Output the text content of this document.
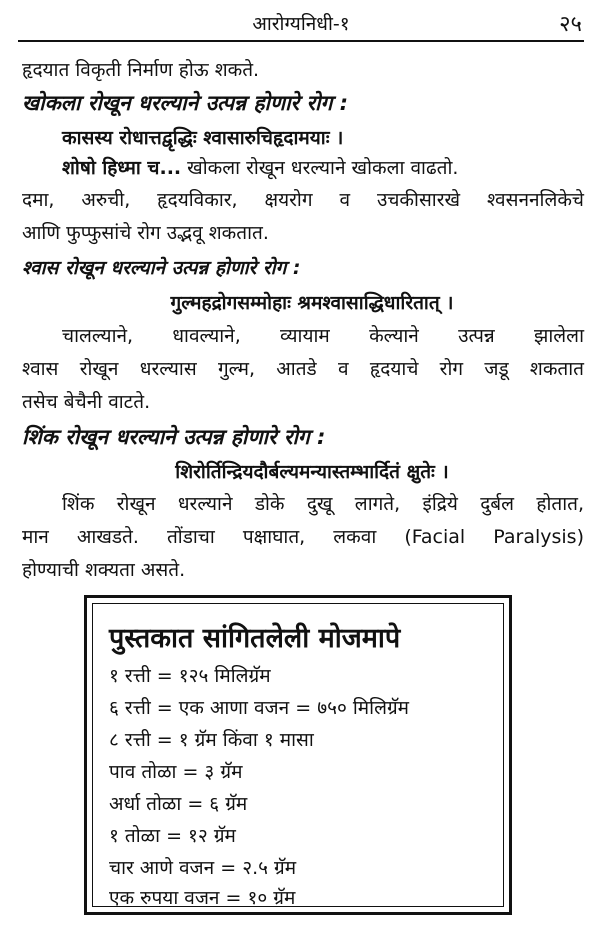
आरोग्यनिधी-१	२५
हृदयात विकृती निर्माण होऊ शकते.
खोकला रोखून धरल्याने उत्पन्न होणारे रोग :
कासस्य रोधात्तद्वृद्धिः श्वासारुचिहृदामयाः ।
शोषो हिध्मा च... खोकला रोखून धरल्याने खोकला वाढतो.
दमा, अरुची, हृदयविकार, क्षयरोग व उचकीसारखे श्वसननलिकेचे
आणि फुप्फुसांचे रोग उद्भवू शकतात.
श्वास रोखून धरल्याने उत्पन्न होणारे रोग :
गुल्महद्रोगसम्मोहाः श्रमश्वासाद्धिधारितात् ।
चालल्याने, धावल्याने, व्यायाम केल्याने उत्पन्न झालेला
श्वास रोखून धरल्यास गुल्म, आतडे व हृदयाचे रोग जडू शकतात
तसेच बेचैनी वाटते.
शिंक रोखून धरल्याने उत्पन्न होणारे रोग :
शिरोर्तिन्द्रियदौर्बल्यमन्यास्तम्भार्दितं क्षुतेः ।
शिंक रोखून धरल्याने डोके दुखू लागते, इंद्रिये दुर्बल होतात,
मान आखडते. तोंडाचा पक्षाघात, लकवा (Facial Paralysis)
होण्याची शक्यता असते.
पुस्तकात सांगितलेली मोजमापे
१ रत्ती = १२५ मिलिग्रॅम
६ रत्ती = एक आणा वजन = ७५० मिलिग्रॅम
८ रत्ती = १ ग्रॅम किंवा १ मासा
पाव तोळा = ३ ग्रॅम
अर्धा तोळा = ६ ग्रॅम
१ तोळा = १२ ग्रॅम
चार आणे वजन = २.५ ग्रॅम
एक रुपया वजन = १० ग्रॅम
